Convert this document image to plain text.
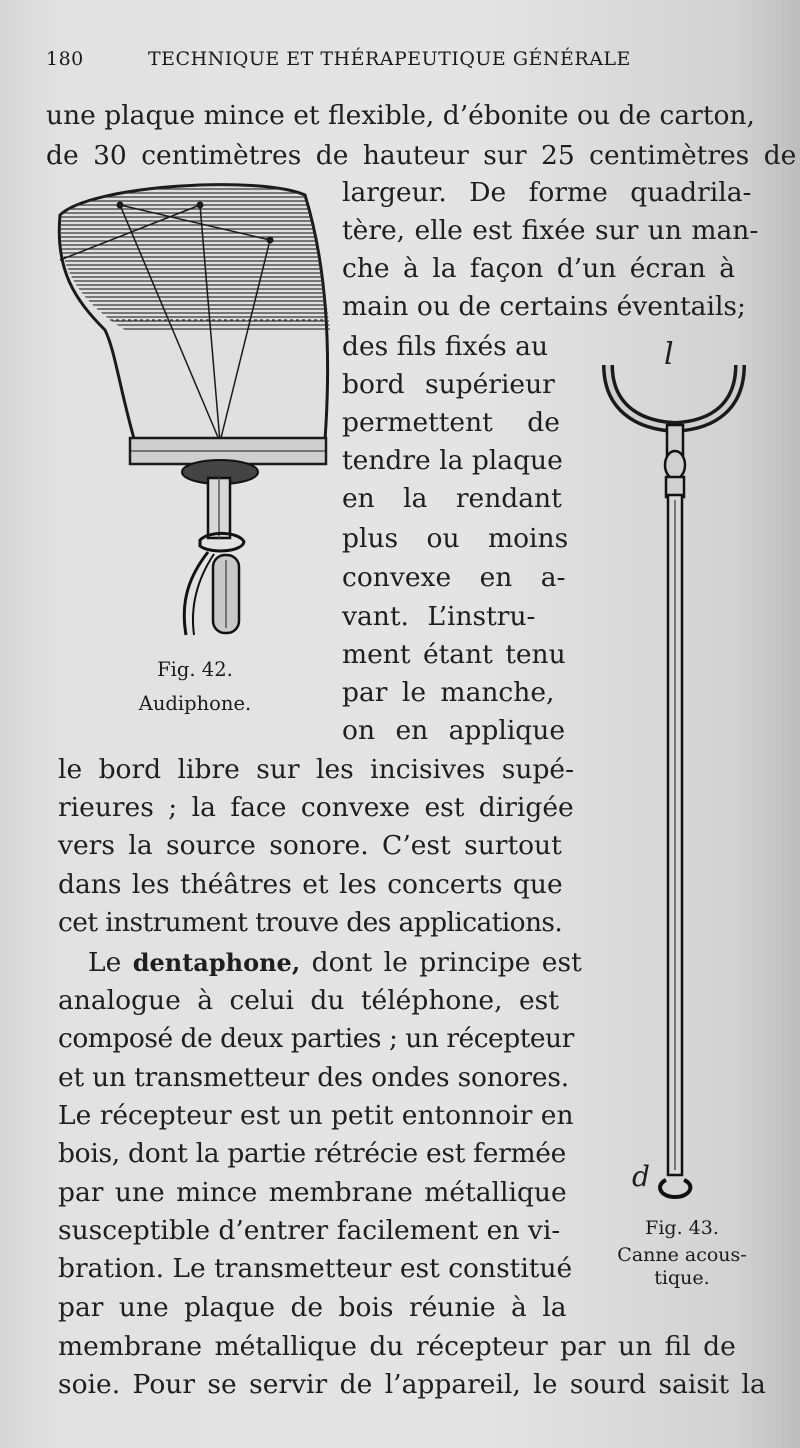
180	TECHNIQUE ET THÉRAPEUTIQUE GÉNÉRALE
une plaque mince et flexible, d’ébonite ou de carton,
de 30 centimètres de hauteur sur 25 centimètres de
largeur. De forme quadrila-
tère, elle est fixée sur un man-
che à la façon d’un écran à
main ou de certains éventails;
des fils fixés au
bord supérieur
permettent de
tendre la plaque
en la rendant
plus ou moins
convexe en a-
vant. L’instru-
ment étant tenu
par le manche,
on en applique
le bord libre sur les incisives supé-
rieures ; la face convexe est dirigée
vers la source sonore. C’est surtout
dans les théâtres et les concerts que
cet instrument trouve des applications.
Le dentaphone, dont le principe est
analogue à celui du téléphone, est
composé de deux parties ; un récepteur
et un transmetteur des ondes sonores.
Le récepteur est un petit entonnoir en
bois, dont la partie rétrécie est fermée
par une mince membrane métallique
susceptible d’entrer facilement en vi-
bration. Le transmetteur est constitué
par une plaque de bois réunie à la
membrane métallique du récepteur par un fil de
soie. Pour se servir de l’appareil, le sourd saisit la
Fig. 42.
Audiphone.
l
d
Fig. 43.
Canne acous-
tique.
